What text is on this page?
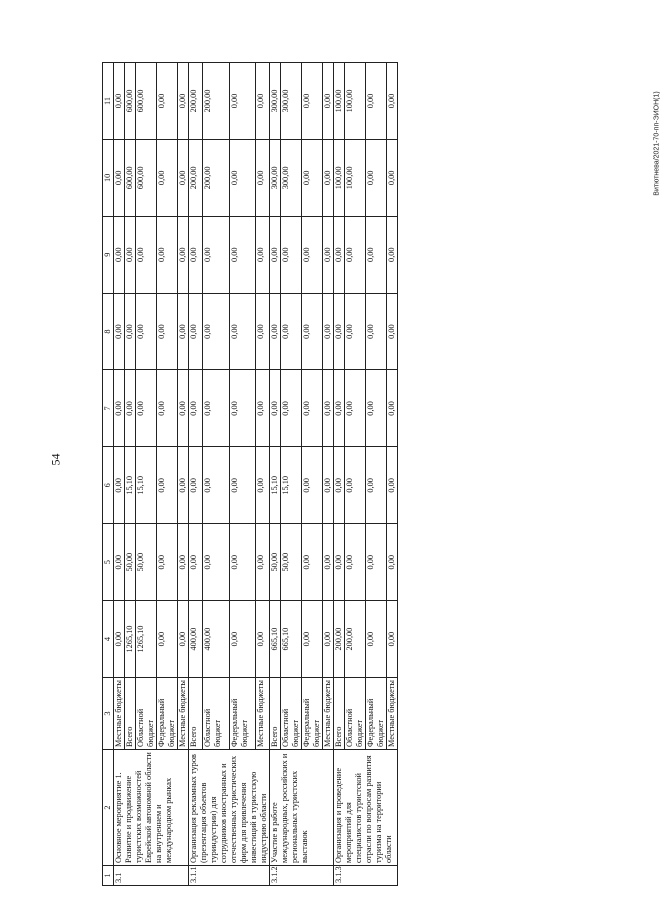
54
Витютнева/2021-70-пп-ЭИОН(1)
1	2	3	4	5	6	7	8	9	10	11
3.1	Основное мероприятие 1. Развитие и продвижение туристских возможностей Еврейской автономной области на внутреннем и международном рынках	Местные бюджеты	0,00	0,00	0,00	0,00	0,00	0,00	0,00	0,00
		Всего	1265,10	50,00	15,10	0,00	0,00	0,00	600,00	600,00
		Областной бюджет	1265,10	50,00	15,10	0,00	0,00	0,00	600,00	600,00
		Федеральный бюджет	0,00	0,00	0,00	0,00	0,00	0,00	0,00	0,00
		Местные бюджеты	0,00	0,00	0,00	0,00	0,00	0,00	0,00	0,00
3.1.1	Организация рекламных туров (презентация объектов туриндустрии) для сотрудников иностранных и отечественных туристических фирм для привлечения инвестиций в туристскую индустрию области	Всего	400,00	0,00	0,00	0,00	0,00	0,00	200,00	200,00
		Областной бюджет	400,00	0,00	0,00	0,00	0,00	0,00	200,00	200,00
		Федеральный бюджет	0,00	0,00	0,00	0,00	0,00	0,00	0,00	0,00
		Местные бюджеты	0,00	0,00	0,00	0,00	0,00	0,00	0,00	0,00
3.1.2	Участие в работе международных, российских и региональных туристских выставок	Всего	665,10	50,00	15,10	0,00	0,00	0,00	300,00	300,00
		Областной бюджет	665,10	50,00	15,10	0,00	0,00	0,00	300,00	300,00
		Федеральный бюджет	0,00	0,00	0,00	0,00	0,00	0,00	0,00	0,00
		Местные бюджеты	0,00	0,00	0,00	0,00	0,00	0,00	0,00	0,00
3.1.3	Организация и проведение мероприятий для специалистов туристской отрасли по вопросам развития туризма на территории области	Всего	200,00	0,00	0,00	0,00	0,00	0,00	100,00	100,00
		Областной бюджет	200,00	0,00	0,00	0,00	0,00	0,00	100,00	100,00
		Федеральный бюджет	0,00	0,00	0,00	0,00	0,00	0,00	0,00	0,00
		Местные бюджеты	0,00	0,00	0,00	0,00	0,00	0,00	0,00	0,00
